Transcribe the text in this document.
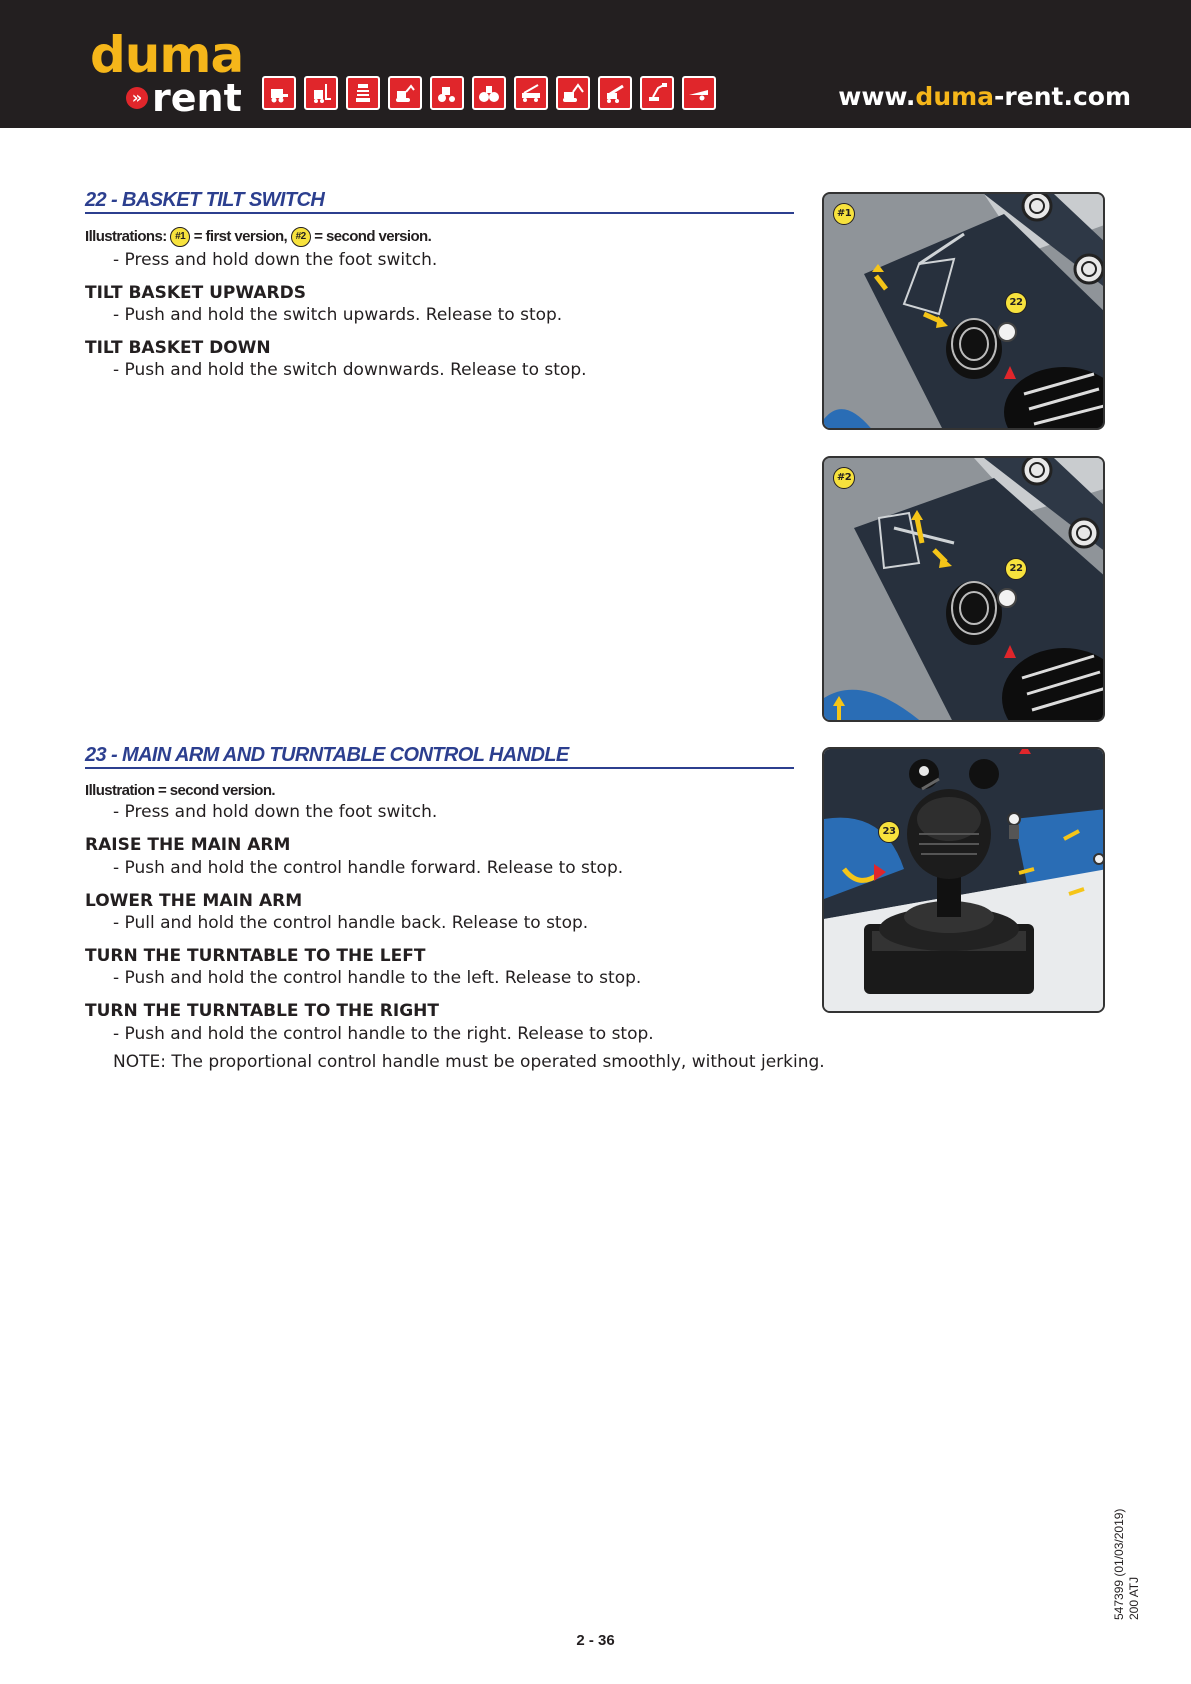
duma
» rent	www.duma-rent.com
22 - BASKET TILT SWITCH
Illustrations: #1 = first version, #2 = second version.
- Press and hold down the foot switch.
TILT BASKET UPWARDS
- Push and hold the switch upwards. Release to stop.
TILT BASKET DOWN
- Push and hold the switch downwards. Release to stop.
23 - MAIN ARM AND TURNTABLE CONTROL HANDLE
Illustration = second version.
- Press and hold down the foot switch.
RAISE THE MAIN ARM
- Push and hold the control handle forward. Release to stop.
LOWER THE MAIN ARM
- Pull and hold the control handle back. Release to stop.
TURN THE TURNTABLE TO THE LEFT
- Push and hold the control handle to the left. Release to stop.
TURN THE TURNTABLE TO THE RIGHT
- Push and hold the control handle to the right. Release to stop.
NOTE: The proportional control handle must be operated smoothly, without jerking.
#1
22
#2
22
23
547399 (01/03/2019) 200 ATJ
2 - 36
